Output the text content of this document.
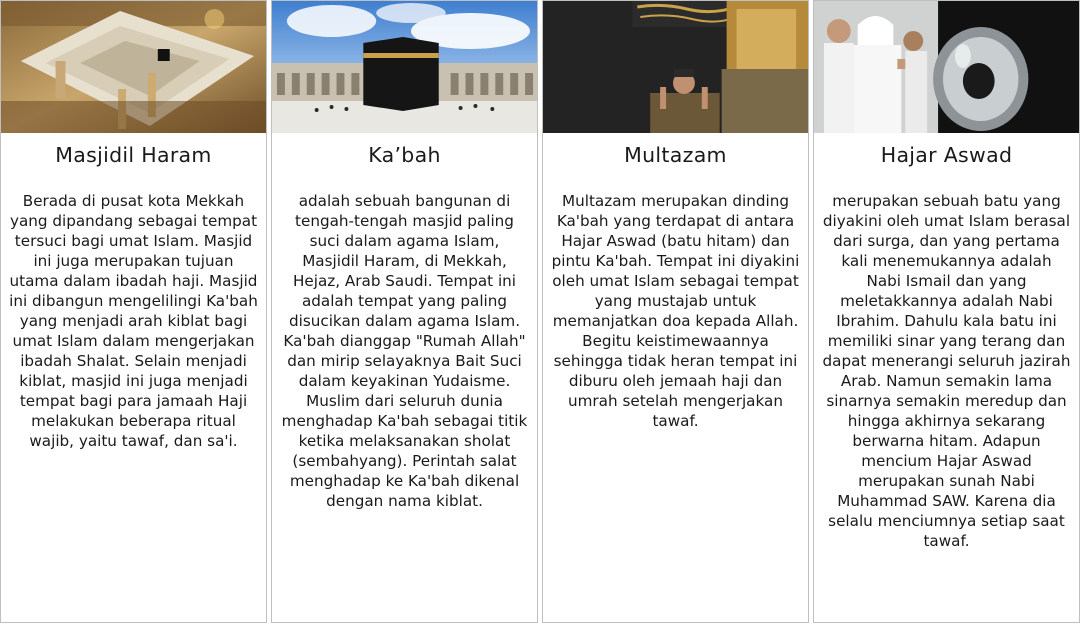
Masjidil Haram
Berada di pusat kota Mekkah yang dipandang sebagai tempat tersuci bagi umat Islam. Masjid ini juga merupakan tujuan utama dalam ibadah haji. Masjid ini dibangun mengelilingi Ka'bah yang menjadi arah kiblat bagi umat Islam dalam mengerjakan ibadah Shalat. Selain menjadi kiblat, masjid ini juga menjadi tempat bagi para jamaah Haji melakukan beberapa ritual wajib, yaitu tawaf, dan sa'i.
Ka’bah
adalah sebuah bangunan di tengah-tengah masjid paling suci dalam agama Islam, Masjidil Haram, di Mekkah, Hejaz, Arab Saudi. Tempat ini adalah tempat yang paling disucikan dalam agama Islam. Ka'bah dianggap "Rumah Allah" dan mirip selayaknya Bait Suci dalam keyakinan Yudaisme. Muslim dari seluruh dunia menghadap Ka'bah sebagai titik ketika melaksanakan sholat (sembahyang). Perintah salat menghadap ke Ka'bah dikenal dengan nama kiblat.
Multazam
Multazam merupakan dinding Ka'bah yang terdapat di antara Hajar Aswad (batu hitam) dan pintu Ka'bah. Tempat ini diyakini oleh umat Islam sebagai tempat yang mustajab untuk memanjatkan doa kepada Allah. Begitu keistimewaannya sehingga tidak heran tempat ini diburu oleh jemaah haji dan umrah setelah mengerjakan tawaf.
Hajar Aswad
merupakan sebuah batu yang diyakini oleh umat Islam berasal dari surga, dan yang pertama kali menemukannya adalah Nabi Ismail dan yang meletakkannya adalah Nabi Ibrahim. Dahulu kala batu ini memiliki sinar yang terang dan dapat menerangi seluruh jazirah Arab. Namun semakin lama sinarnya semakin meredup dan hingga akhirnya sekarang berwarna hitam. Adapun mencium Hajar Aswad merupakan sunah Nabi Muhammad SAW. Karena dia selalu menciumnya setiap saat tawaf.
